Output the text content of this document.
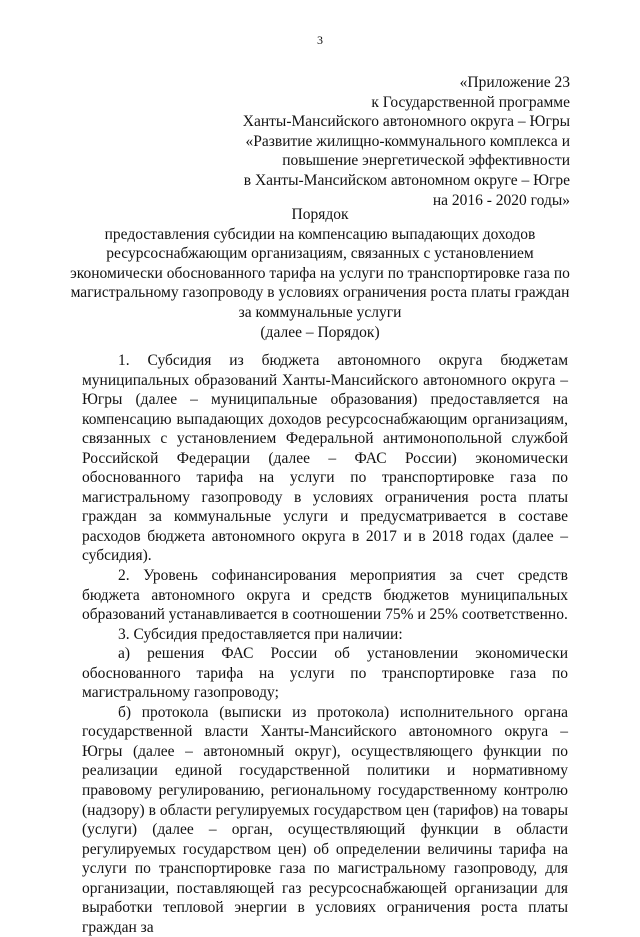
3
«Приложение 23
к Государственной программе
Ханты-Мансийского автономного округа – Югры
«Развитие жилищно-коммунального комплекса и
повышение энергетической эффективности
в Ханты-Мансийском автономном округе – Югре
на 2016 - 2020 годы»
Порядок
предоставления субсидии на компенсацию выпадающих доходов
ресурсоснабжающим организациям, связанных с установлением
экономически обоснованного тарифа на услуги по транспортировке газа по
магистральному газопроводу в условиях ограничения роста платы граждан
за коммунальные услуги
(далее – Порядок)

1. Субсидия из бюджета автономного округа бюджетам муниципальных образований Ханты-Мансийского автономного округа – Югры (далее – муниципальные образования) предоставляется на компенсацию выпадающих доходов ресурсоснабжающим организациям, связанных с установлением Федеральной антимонопольной службой Российской Федерации (далее – ФАС России) экономически обоснованного тарифа на услуги по транспортировке газа по магистральному газопроводу в условиях ограничения роста платы граждан за коммунальные услуги и предусматривается в составе расходов бюджета автономного округа в 2017 и в 2018 годах (далее – субсидия).

2. Уровень софинансирования мероприятия за счет средств бюджета автономного округа и средств бюджетов муниципальных образований устанавливается в соотношении 75% и 25% соответственно.

3. Субсидия предоставляется при наличии:

а) решения ФАС России об установлении экономически обоснованного тарифа на услуги по транспортировке газа по магистральному газопроводу;

б) протокола (выписки из протокола) исполнительного органа государственной власти Ханты-Мансийского автономного округа – Югры (далее – автономный округ), осуществляющего функции по реализации единой государственной политики и нормативному правовому регулированию, региональному государственному контролю (надзору) в области регулируемых государством цен (тарифов) на товары (услуги) (далее – орган, осуществляющий функции в области регулируемых государством цен) об определении величины тарифа на услуги по транспортировке газа по магистральному газопроводу, для организации, поставляющей газ ресурсоснабжающей организации для выработки тепловой энергии в условиях ограничения роста платы граждан за
